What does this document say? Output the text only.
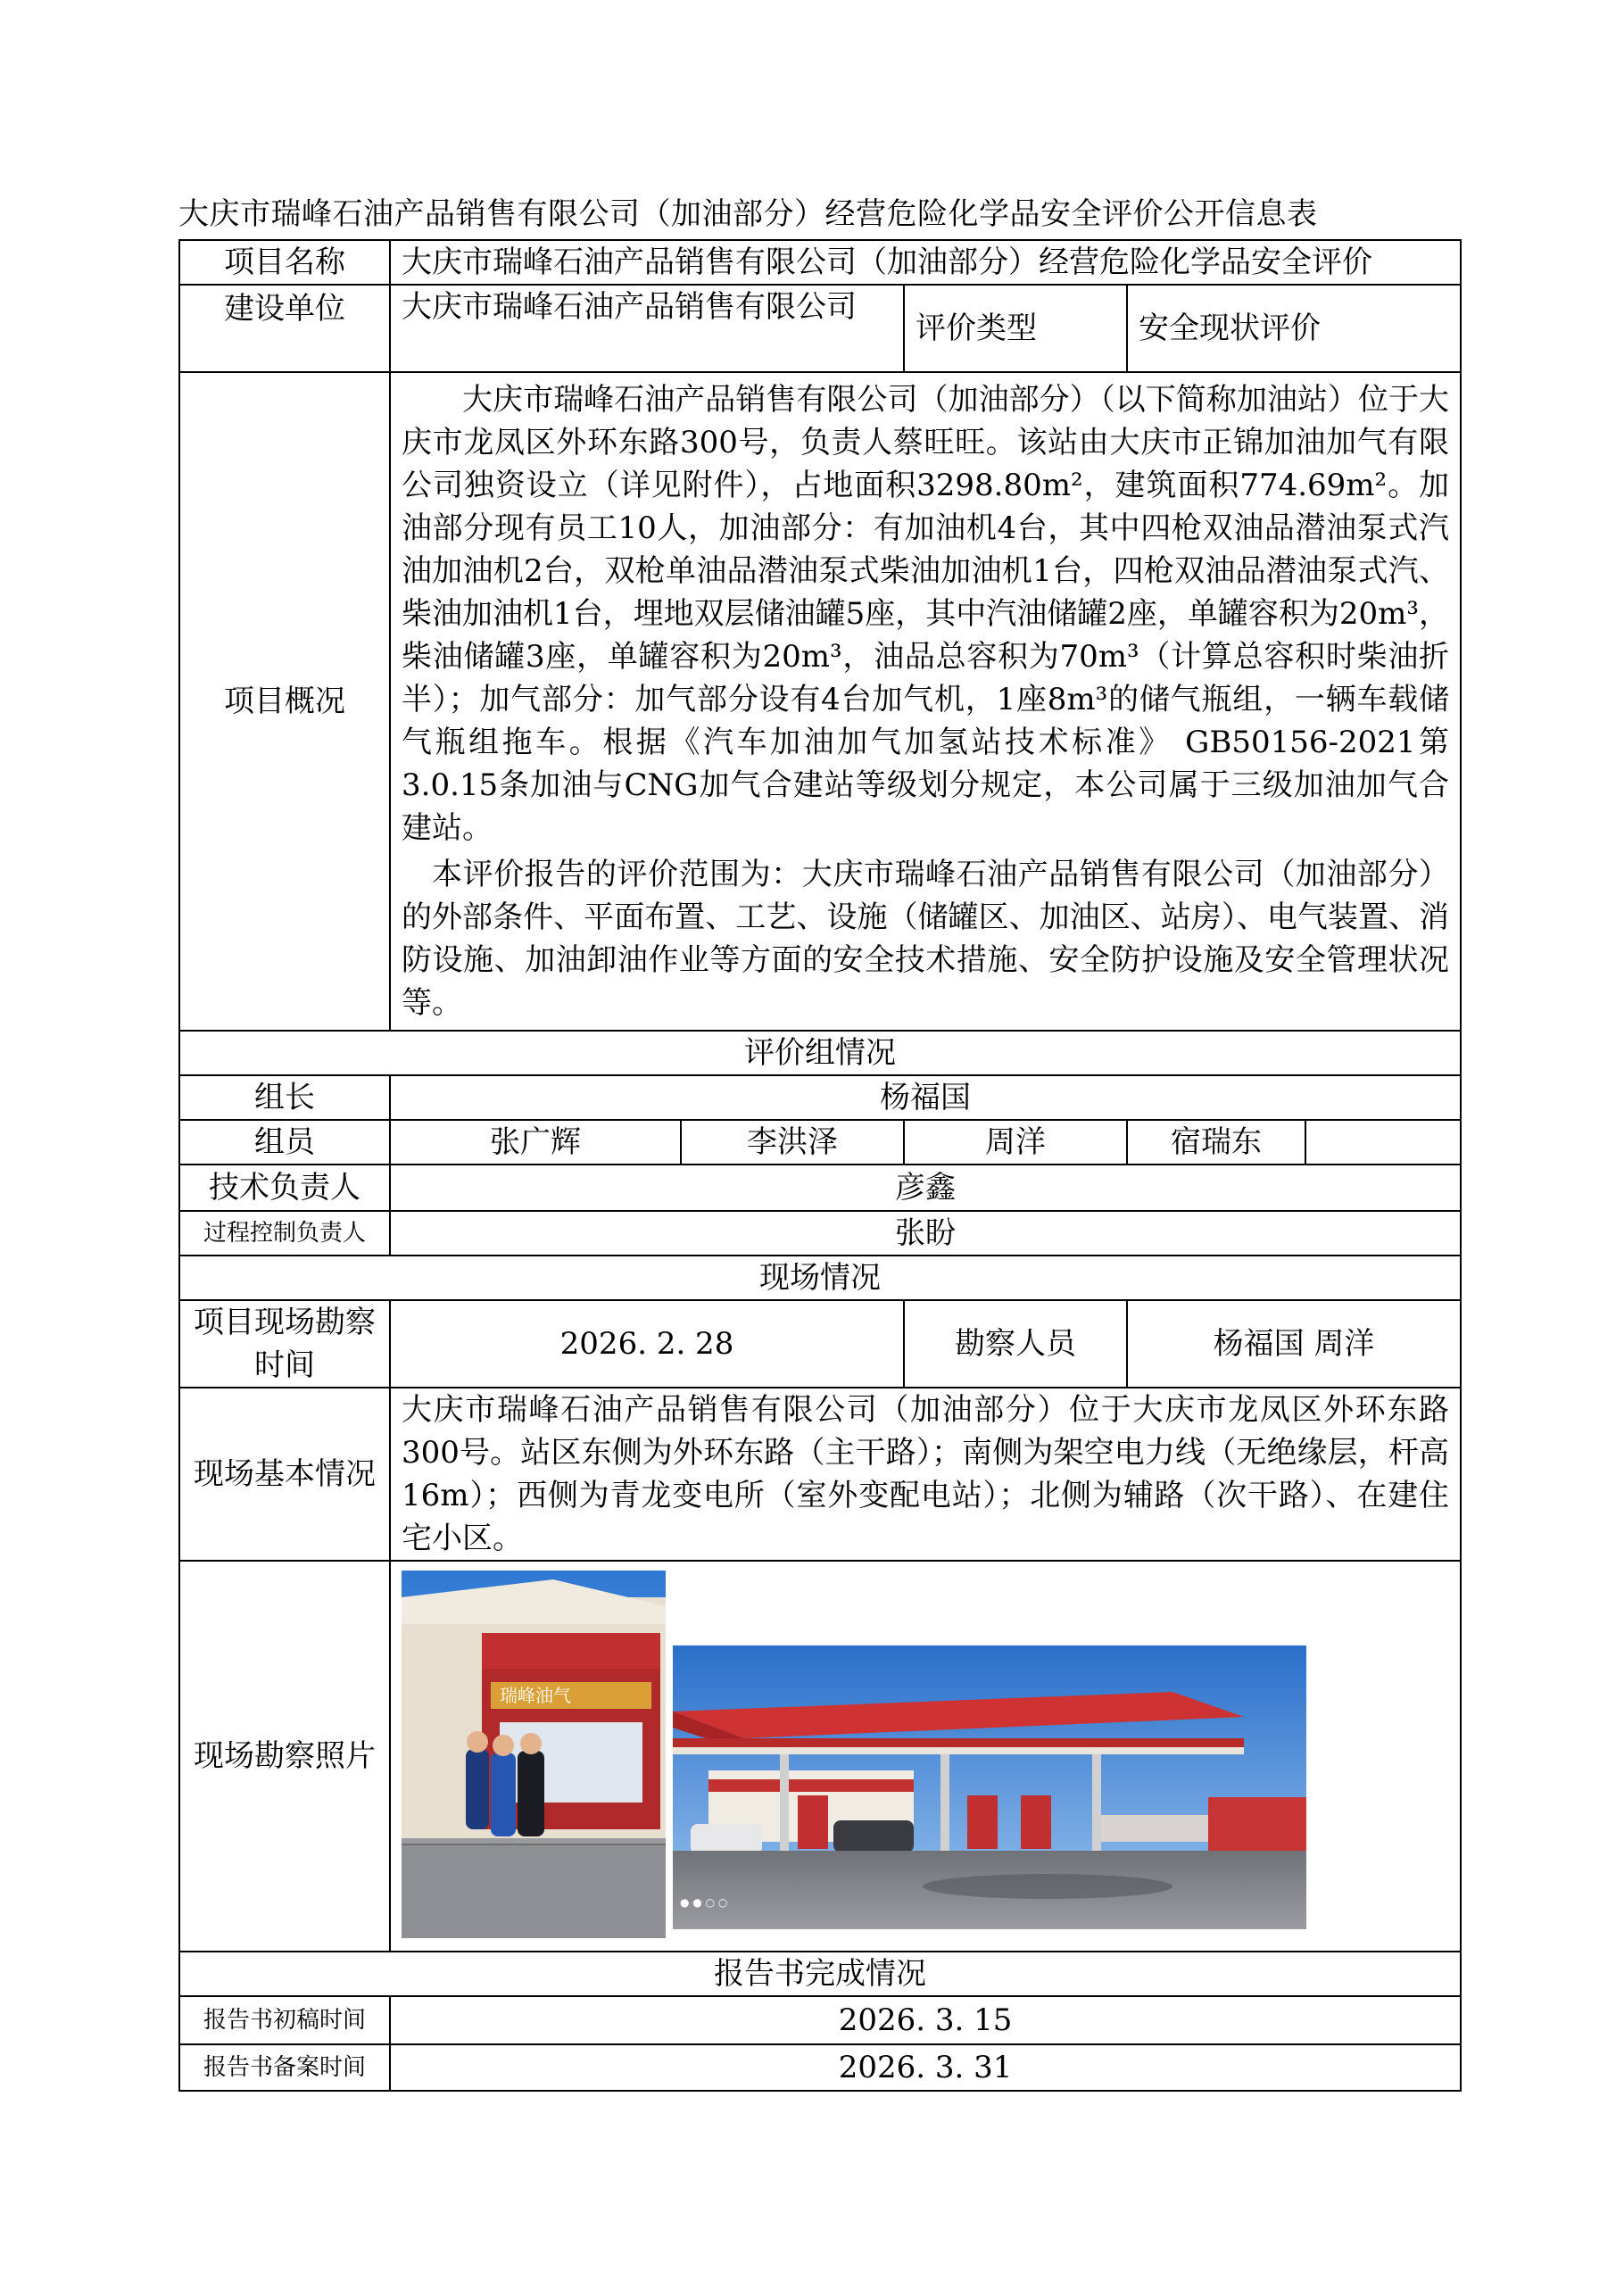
大庆市瑞峰石油产品销售有限公司（加油部分）经营危险化学品安全评价公开信息表
项目名称	大庆市瑞峰石油产品销售有限公司（加油部分）经营危险化学品安全评价				
建设单位	大庆市瑞峰石油产品销售有限公司		评价类型	安全现状评价	
项目概况	大庆市瑞峰石油产品销售有限公司（加油部分）（以下简称加油站）位于大庆市龙凤区外环东路300号，负责人蔡旺旺。该站由大庆市正锦加油加气有限公司独资设立（详见附件），占地面积3298.80m²，建筑面积774.69m²。加油部分现有员工10人，加油部分：有加油机4台，其中四枪双油品潜油泵式汽油加油机2台，双枪单油品潜油泵式柴油加油机1台，四枪双油品潜油泵式汽、柴油加油机1台，埋地双层储油罐5座，其中汽油储罐2座，单罐容积为20m³，柴油储罐3座，单罐容积为20m³，油品总容积为70m³（计算总容积时柴油折半）；加气部分：加气部分设有4台加气机，1座8m³的储气瓶组，一辆车载储气瓶组拖车。根据《汽车加油加气加氢站技术标准》 GB50156-2021第3.0.15条加油与CNG加气合建站等级划分规定，本公司属于三级加油加气合建站。

本评价报告的评价范围为：大庆市瑞峰石油产品销售有限公司（加油部分）的外部条件、平面布置、工艺、设施（储罐区、加油区、站房）、电气装置、消防设施、加油卸油作业等方面的安全技术措施、安全防护设施及安全管理状况等。				

评价组情况					
组长	杨福国				
组员	张广辉	李洪泽	周洋	宿瑞东	
技术负责人	彦鑫				
过程控制负责人	张盼				
现场情况					
项目现场勘察时间	2026. 2. 28		勘察人员	杨福国 周洋	
现场基本情况	大庆市瑞峰石油产品销售有限公司（加油部分）位于大庆市龙凤区外环东路300号。站区东侧为外环东路（主干路）；南侧为架空电力线（无绝缘层，杆高16m）；西侧为青龙变电所（室外变配电站）；北侧为辅路（次干路）、在建住宅小区。				
现场勘察照片	瑞峰油气
● ● ○ ○				

报告书完成情况					
报告书初稿时间	2026. 3. 15				
报告书备案时间	2026. 3. 31				
